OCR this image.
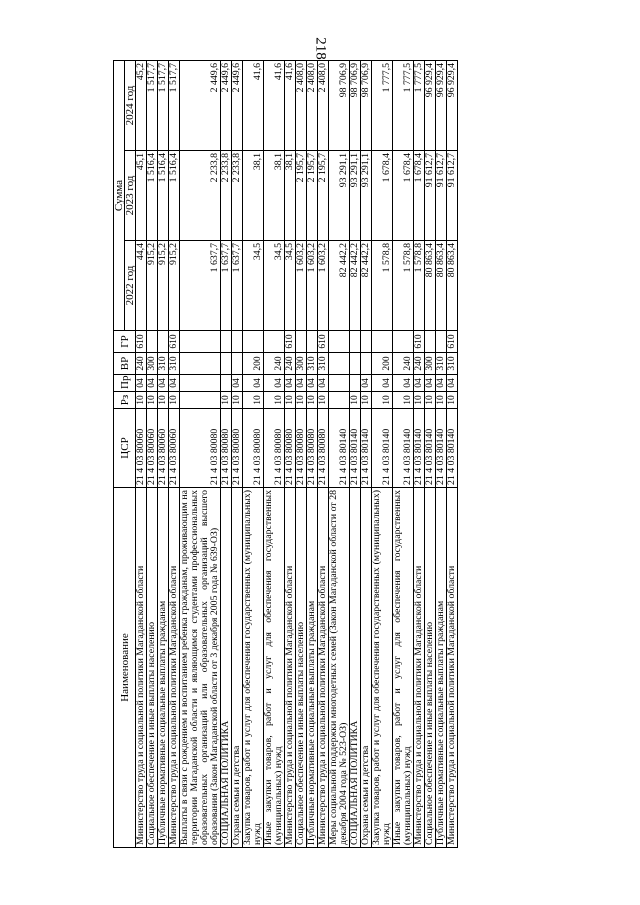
218
Наименование	ЦСР	Рз	Пр	ВР	ГР	Сумма		
						2022 год	2023 год	2024 год
Министерство труда и социальной политики Магаданской области	21 4 03 80060	10	04	240	610	44,4	45,1	45,2
Социальное обеспечение и иные выплаты населению	21 4 03 80060	10	04	300		915,2	1 516,4	1 517,7
Публичные нормативные социальные выплаты гражданам	21 4 03 80060	10	04	310		915,2	1 516,4	1 517,7
Министерство труда и социальной политики Магаданской области	21 4 03 80060	10	04	310	610	915,2	1 516,4	1 517,7
Выплаты в связи с рождением и воспитанием ребенка гражданам, проживающим на территории Магаданской области и являющимся студентами профессиональных образовательных организаций или образовательных организаций высшего образования (Закон Магаданской области от 3 декабря 2005 года № 639-ОЗ)	21 4 03 80080					1 637,7	2 233,8	2 449,6
СОЦИАЛЬНАЯ ПОЛИТИКА	21 4 03 80080	10				1 637,7	2 233,8	2 449,6
Охрана семьи и детства	21 4 03 80080	10	04			1 637,7	2 233,8	2 449,6
Закупка товаров, работ и услуг для обеспечения государственных (муниципальных) нужд	21 4 03 80080	10	04	200		34,5	38,1	41,6
Иные закупки товаров, работ и услуг для обеспечения государственных (муниципальных) нужд	21 4 03 80080	10	04	240		34,5	38,1	41,6
Министерство труда и социальной политики Магаданской области	21 4 03 80080	10	04	240	610	34,5	38,1	41,6
Социальное обеспечение и иные выплаты населению	21 4 03 80080	10	04	300		1 603,2	2 195,7	2 408,0
Публичные нормативные социальные выплаты гражданам	21 4 03 80080	10	04	310		1 603,2	2 195,7	2 408,0
Министерство труда и социальной политики Магаданской области	21 4 03 80080	10	04	310	610	1 603,2	2 195,7	2 408,0
Меры социальной поддержки многодетных семей (Закон Магаданской области от 28 декабря 2004 года № 523-ОЗ)	21 4 03 80140					82 442,2	93 291,1	98 706,9
СОЦИАЛЬНАЯ ПОЛИТИКА	21 4 03 80140	10				82 442,2	93 291,1	98 706,9
Охрана семьи и детства	21 4 03 80140	10	04			82 442,2	93 291,1	98 706,9
Закупка товаров, работ и услуг для обеспечения государственных (муниципальных) нужд	21 4 03 80140	10	04	200		1 578,8	1 678,4	1 777,5
Иные закупки товаров, работ и услуг для обеспечения государственных (муниципальных) нужд	21 4 03 80140	10	04	240		1 578,8	1 678,4	1 777,5
Министерство труда и социальной политики Магаданской области	21 4 03 80140	10	04	240	610	1 578,8	1 678,4	1 777,5
Социальное обеспечение и иные выплаты населению	21 4 03 80140	10	04	300		80 863,4	91 612,7	96 929,4
Публичные нормативные социальные выплаты гражданам	21 4 03 80140	10	04	310		80 863,4	91 612,7	96 929,4
Министерство труда и социальной политики Магаданской области	21 4 03 80140	10	04	310	610	80 863,4	91 612,7	96 929,4
